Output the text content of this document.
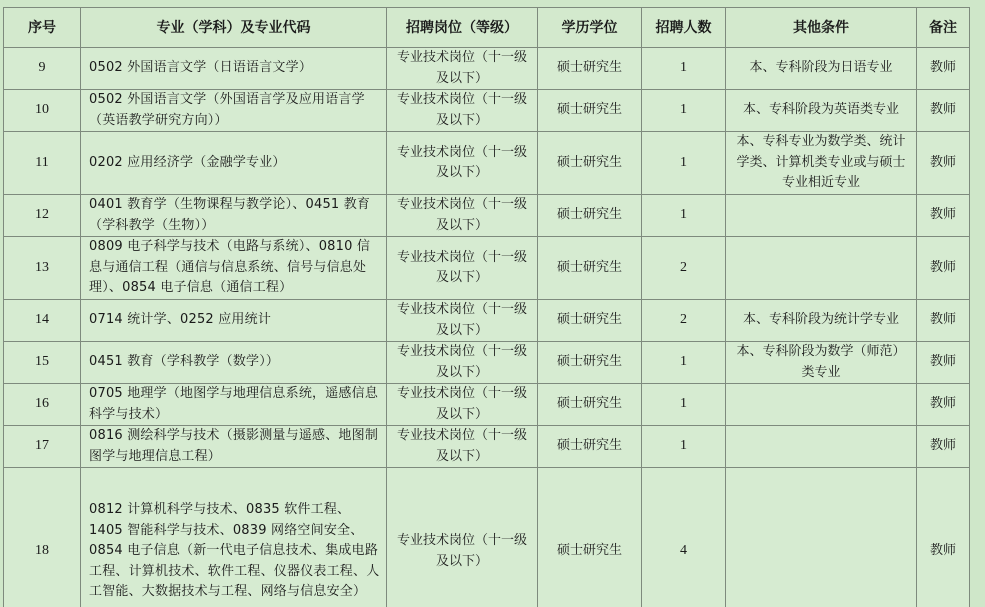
序号	专业（学科）及专业代码	招聘岗位（等级）	学历学位	招聘人数	其他条件	备注
9	0502 外国语言文学（日语语言文学）	专业技术岗位（十一级及以下）	硕士研究生	1	本、专科阶段为日语专业	教师
10	0502 外国语言文学（外国语言学及应用语言学（英语教学研究方向））	专业技术岗位（十一级及以下）	硕士研究生	1	本、专科阶段为英语类专业	教师
11	0202 应用经济学（金融学专业）	专业技术岗位（十一级及以下）	硕士研究生	1	本、专科专业为数学类、统计学类、计算机类专业或与硕士专业相近专业	教师
12	0401 教育学（生物课程与教学论）、0451 教育（学科教学（生物））	专业技术岗位（十一级及以下）	硕士研究生	1		教师
13	0809 电子科学与技术（电路与系统）、0810 信息与通信工程（通信与信息系统、信号与信息处理）、0854 电子信息（通信工程）	专业技术岗位（十一级及以下）	硕士研究生	2		教师
14	0714 统计学、0252 应用统计	专业技术岗位（十一级及以下）	硕士研究生	2	本、专科阶段为统计学专业	教师
15	0451 教育（学科教学（数学））	专业技术岗位（十一级及以下）	硕士研究生	1	本、专科阶段为数学（师范）类专业	教师
16	0705 地理学（地图学与地理信息系统，遥感信息科学与技术）	专业技术岗位（十一级及以下）	硕士研究生	1		教师
17	0816 测绘科学与技术（摄影测量与遥感、地图制图学与地理信息工程）	专业技术岗位（十一级及以下）	硕士研究生	1		教师
18	0812 计算机科学与技术、0835 软件工程、1405 智能科学与技术、0839 网络空间安全、0854 电子信息（新一代电子信息技术、集成电路工程、计算机技术、软件工程、仪器仪表工程、人工智能、大数据技术与工程、网络与信息安全）	专业技术岗位（十一级及以下）	硕士研究生	4		教师
